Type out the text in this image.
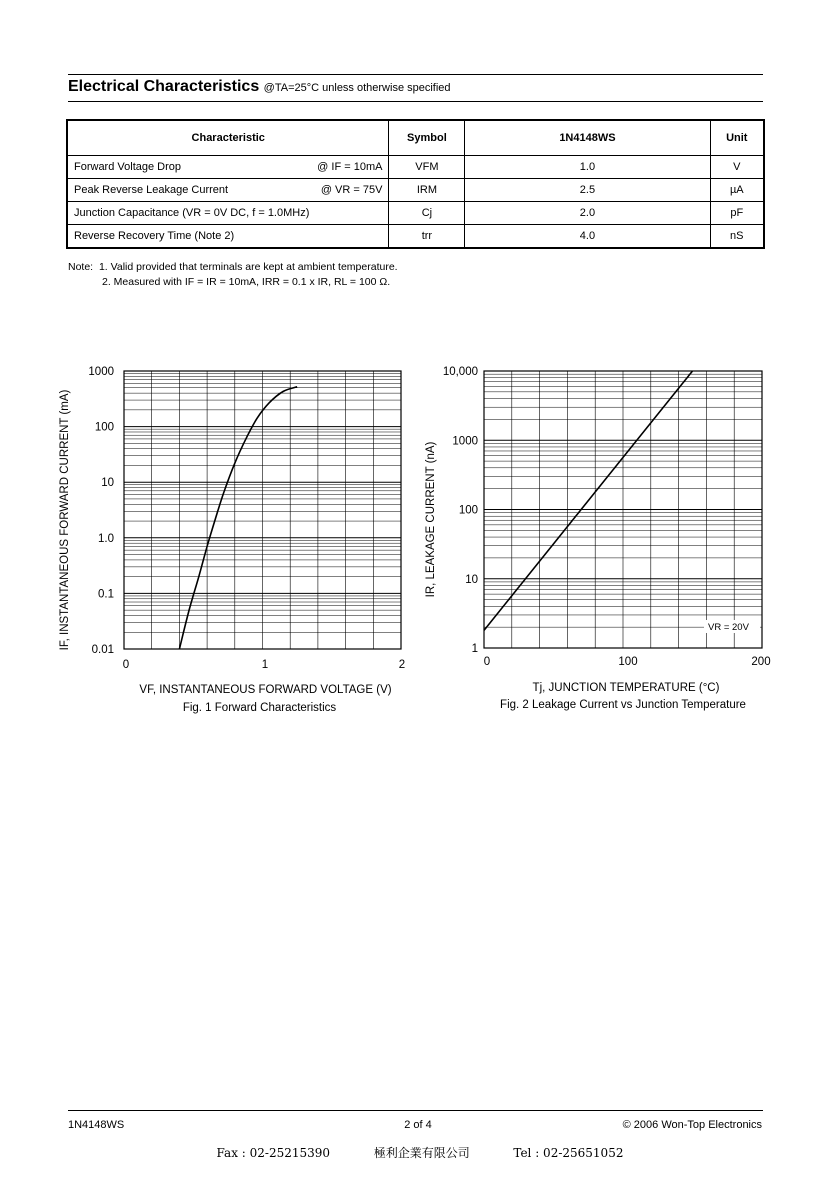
Electrical Characteristics @TA=25°C unless otherwise specified
Characteristic	Symbol	1N4148WS	Unit

Forward Voltage Drop @ IF = 10mA	VFM	1.0	V

Peak Reverse Leakage Current @ VR = 75V	IRM	2.5	µA

Junction Capacitance (VR = 0V DC, f = 1.0MHz)	Cj	2.0	pF

Reverse Recovery Time (Note 2)	trr	4.0	nS
Note: 1. Valid provided that terminals are kept at ambient temperature.
2. Measured with IF = IR = 10mA, IRR = 0.1 x IR, RL = 100 Ω.
0.01
0.1
1.0
10
100
1000
0	1	2
VF, INSTANTANEOUS FORWARD VOLTAGE (V)
IF, INSTANTANEOUS FORWARD CURRENT (mA)
Fig. 1 Forward Characteristics
1
10
100
1000
10,000
0	100	200
Tj, JUNCTION TEMPERATURE (°C)
IR, LEAKAGE CURRENT (nA)
Fig. 2 Leakage Current vs Junction Temperature
VR = 20V
1N4148WS	2 of 4	© 2006 Won-Top Electronics
Fax : 02-25215390	極利企業有限公司	Tel : 02-25651052
